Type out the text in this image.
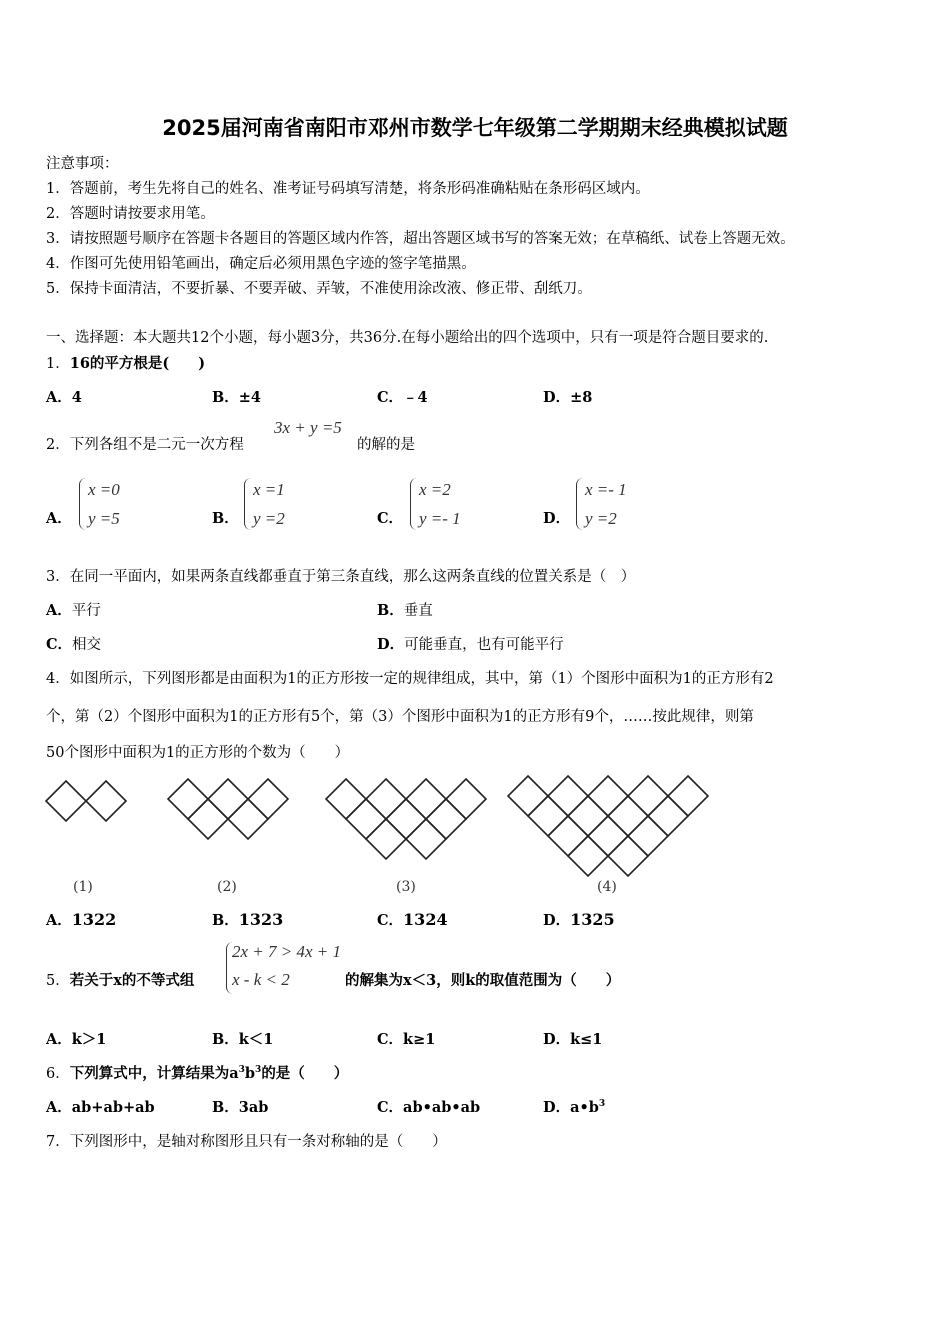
2025届河南省南阳市邓州市数学七年级第二学期期末经典模拟试题
注意事项：
1．答题前，考生先将自己的姓名、准考证号码填写清楚，将条形码准确粘贴在条形码区域内。
2．答题时请按要求用笔。
3．请按照题号顺序在答题卡各题目的答题区域内作答，超出答题区域书写的答案无效；在草稿纸、试卷上答题无效。
4．作图可先使用铅笔画出，确定后必须用黑色字迹的签字笔描黑。
5．保持卡面清洁，不要折暴、不要弄破、弄皱，不准使用涂改液、修正带、刮纸刀。
一、选择题：本大题共12个小题，每小题3分，共36分.在每小题给出的四个选项中，只有一项是符合题目要求的.
1．16的平方根是(　　)
A．4	B．±4	C．﹣4	D．±8
2．下列各组不是二元一次方程
3x + y =5
的解的是
A．
x =0
y =5	B．
x =1
y =2	C．
x =2
y =- 1	D．
x =- 1
y =2
3．在同一平面内，如果两条直线都垂直于第三条直线，那么这两条直线的位置关系是（　）
A．平行	B．垂直
C．相交	D．可能垂直，也有可能平行
4．如图所示，下列图形都是由面积为1的正方形按一定的规律组成，其中，第（1）个图形中面积为1的正方形有2
个，第（2）个图形中面积为1的正方形有5个，第（3）个图形中面积为1的正方形有9个，……按此规律，则第
50个图形中面积为1的正方形的个数为（　　）
(1)	(2)	(3)	(4)
A．1322	B．1323	C．1324	D．1325
5．若关于x的不等式组
2x + 7 > 4x + 1
x - k < 2	的解集为x＜3，则k的取值范围为（　　）
A．k＞1	B．k＜1	C．k≥1	D．k≤1
6．下列算式中，计算结果为$a^3b^3$的是（　　）
A．ab+ab+ab	B．3ab	C．ab•ab•ab	D．$a•b^3$
7．下列图形中，是轴对称图形且只有一条对称轴的是（　　）
